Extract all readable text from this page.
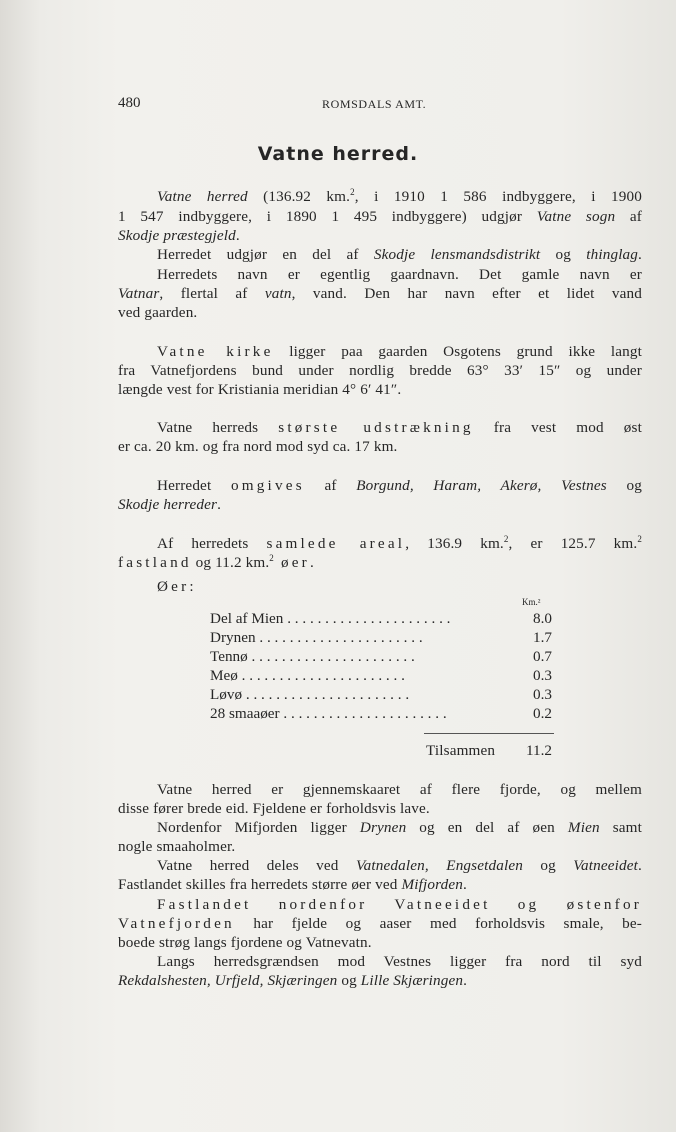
480	ROMSDALS AMT.
Vatne herred.
Vatne herred (136.92 km.$^2$, i 1910 1 586 indbyggere, i 1900
1 547 indbyggere, i 1890 1 495 indbyggere) udgjør Vatne sogn af
Skodje præstegjeld.
Herredet udgjør en del af Skodje lensmandsdistrikt og thinglag.
Herredets navn er egentlig gaardnavn. Det gamle navn er
Vatnar, flertal af vatn, vand. Den har navn efter et lidet vand
ved gaarden.
Vatne kirke ligger paa gaarden Osgotens grund ikke langt
fra Vatnefjordens bund under nordlig bredde 63° 33′ 15″ og under
længde vest for Kristiania meridian 4° 6′ 41″.
Vatne herreds største udstrækning fra vest mod øst
er ca. 20 km. og fra nord mod syd ca. 17 km.
Herredet omgives af Borgund, Haram, Akerø, Vestnes og
Skodje herreder.
Af herredets samlede areal, 136.9 km.$^2$, er 125.7 km.$^2$
fastland og 11.2 km.$^2$ øer.
Øer:
Km.²
Del af Mien . . . . . . . . . . . . . . . . . . . . . .	8.0
Drynen . . . . . . . . . . . . . . . . . . . . . .	1.7
Tennø . . . . . . . . . . . . . . . . . . . . . .	0.7
Meø . . . . . . . . . . . . . . . . . . . . . .	0.3
Løvø . . . . . . . . . . . . . . . . . . . . . .	0.3
28 smaaøer . . . . . . . . . . . . . . . . . . . . . .	0.2
Tilsammen	11.2
Vatne herred er gjennemskaaret af flere fjorde, og mellem
disse fører brede eid. Fjeldene er forholdsvis lave.
Nordenfor Mifjorden ligger Drynen og en del af øen Mien samt
nogle smaaholmer.
Vatne herred deles ved Vatnedalen, Engsetdalen og Vatneeidet.
Fastlandet skilles fra herredets større øer ved Mifjorden.
Fastlandet nordenfor Vatneeidet og østenfor
Vatnefjorden har fjelde og aaser med forholdsvis smale, be-
boede strøg langs fjordene og Vatnevatn.
Langs herredsgrændsen mod Vestnes ligger fra nord til syd
Rekdalshesten, Urfjeld, Skjæringen og Lille Skjæringen.
